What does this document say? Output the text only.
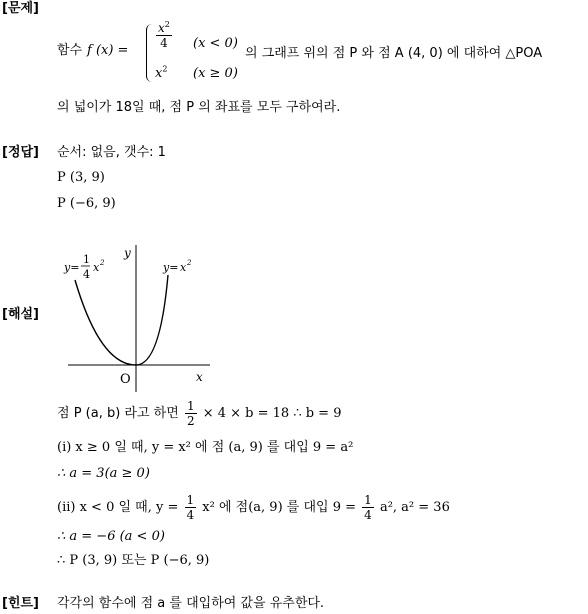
[문제]
함수 f (x) =
$\frac{x^2}{4} (x < 0)$
$x^2$ (x ≥ 0)
의 그래프 위의 점 P 와 점 A (4, 0) 에 대하여 △POA
의 넓이가 18일 때, 점 P 의 좌표를 모두 구하여라.
[정답] 순서: 없음, 갯수: 1
P (3, 9)
P (−6, 9)
[해설]
y
x
O
y=
1
4
x 2	y= x 2
점 P (a, b) 라고 하면 $\frac{1}{2} \times 4 \times b = 18$ ∴ b = 9
(i) x ≥ 0 일 때, y = x² 에 점 (a, 9) 를 대입 9 = a²
∴ a = 3(a ≥ 0)
(ii) x < 0 일 때, $y = \frac{1}{4} x^2$ 에 점(a, 9) 를 대입 $9 = \frac{1}{4} a^2$, a² = 36
∴ a = −6 (a < 0)
∴ P (3, 9) 또는 P (−6, 9)
[힌트] 각각의 함수에 점 a 를 대입하여 값을 유추한다.
